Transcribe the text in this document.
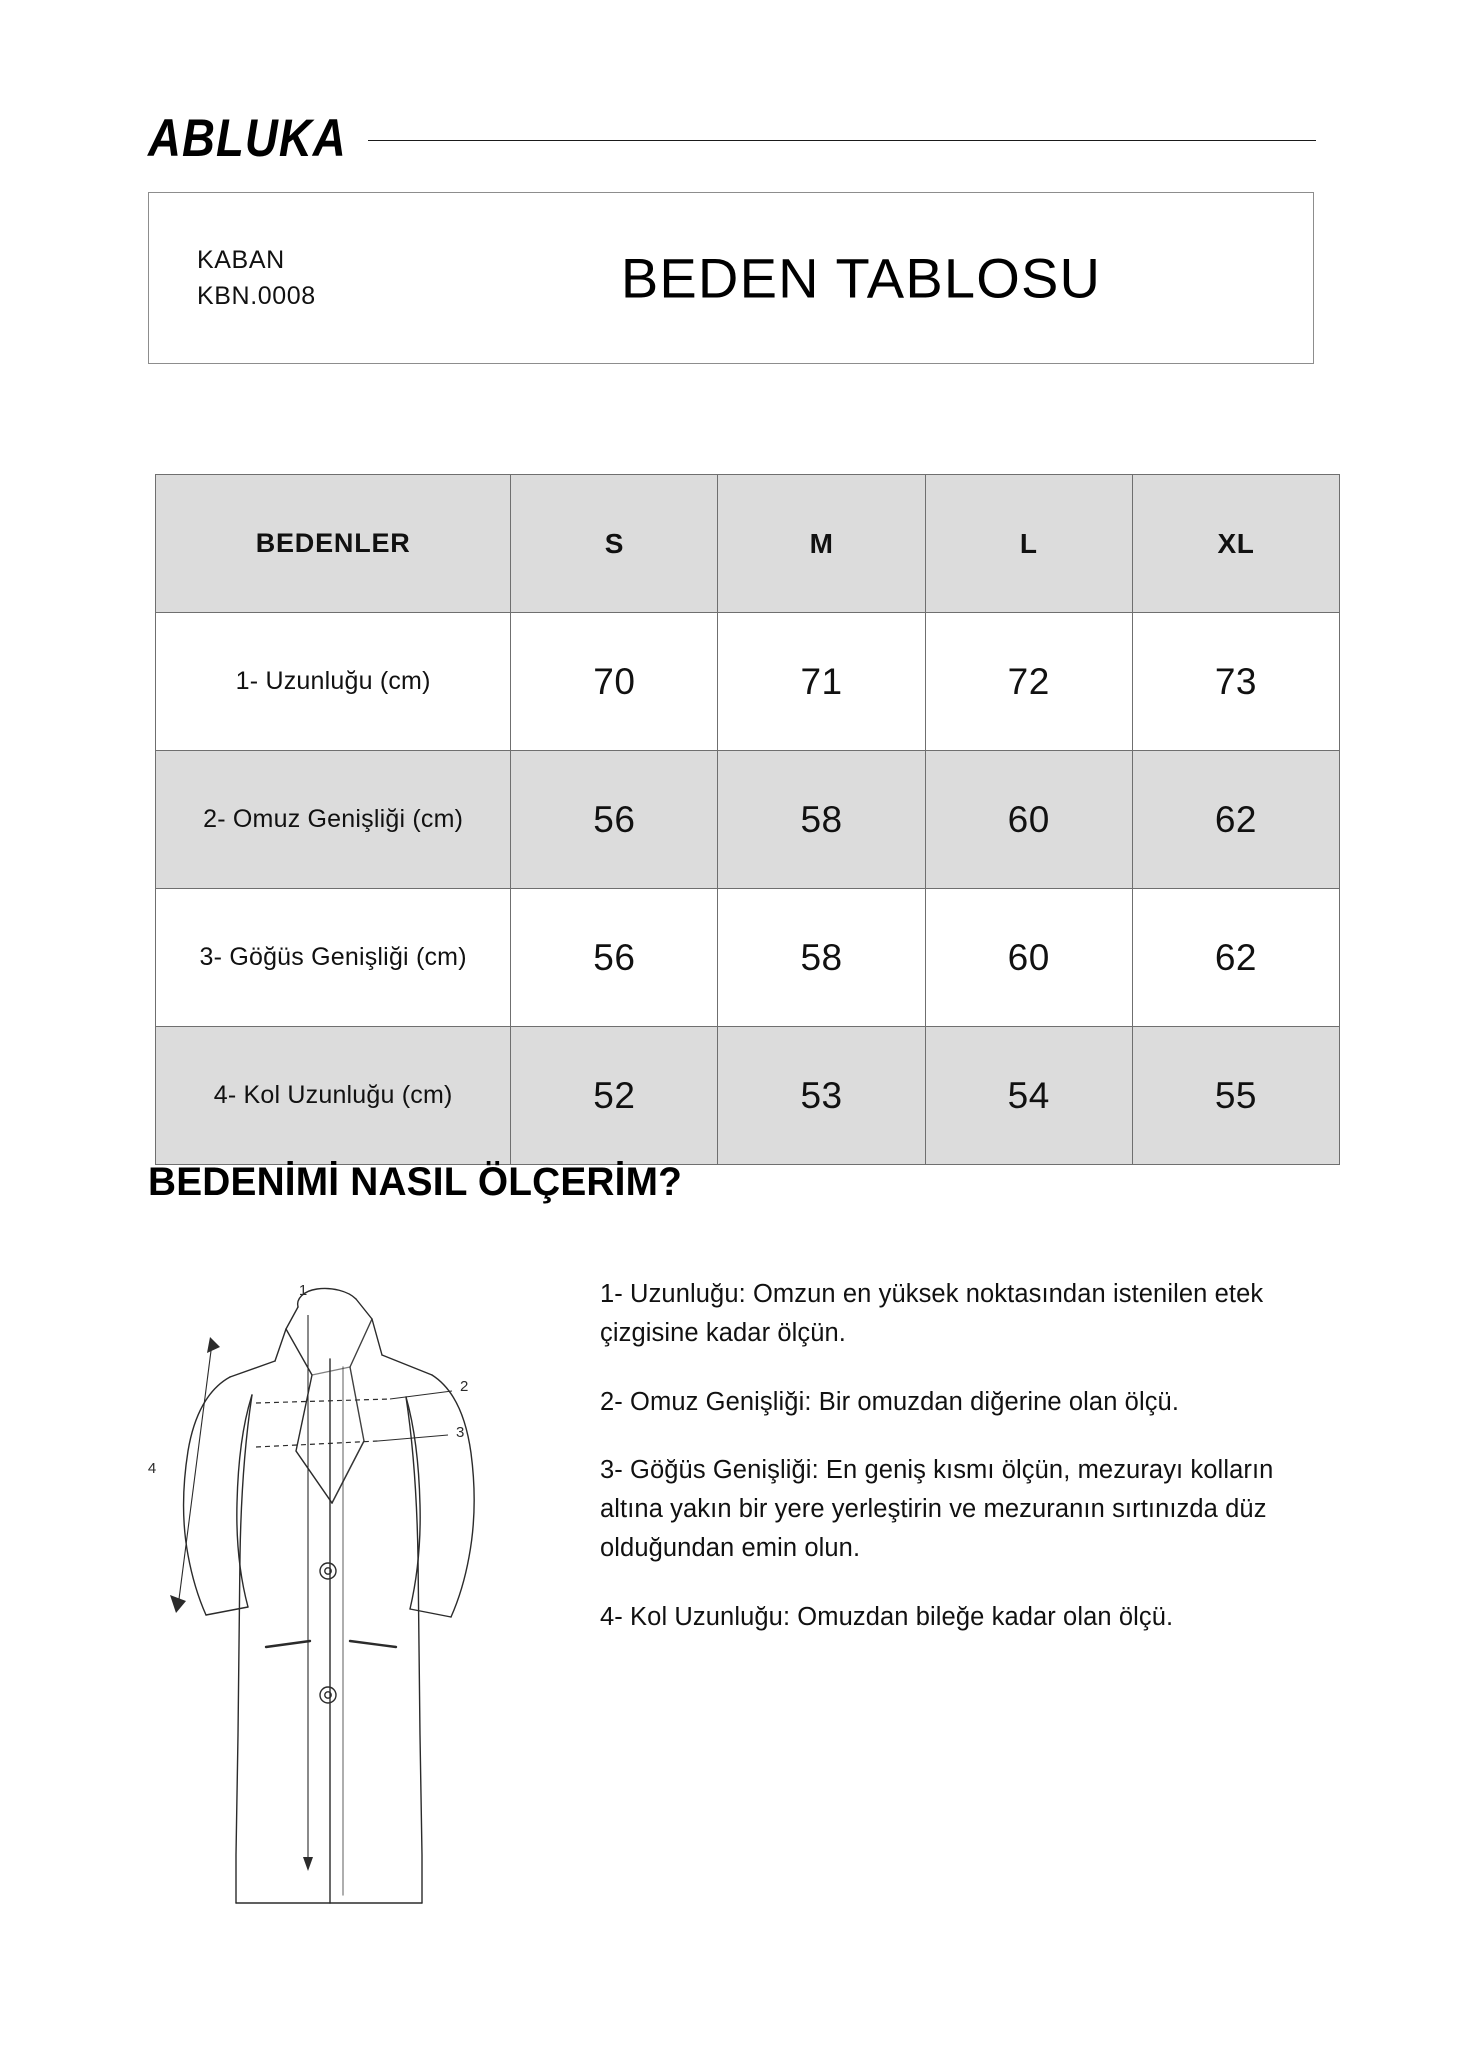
ABLUKA
KABAN
KBN.0008	BEDEN TABLOSU
BEDENLER	S	M	L	XL
1- Uzunluğu (cm)	70	71	72	73
2- Omuz Genişliği (cm)	56	58	60	62
3- Göğüs Genişliği (cm)	56	58	60	62
4- Kol Uzunluğu (cm)	52	53	54	55
BEDENİMİ NASIL ÖLÇERİM?
1
2
3
4

1- Uzunluğu: Omzun en yüksek noktasından istenilen etek çizgisine kadar ölçün.

2- Omuz Genişliği: Bir omuzdan diğerine olan ölçü.

3- Göğüs Genişliği: En geniş kısmı ölçün, mezurayı kolların altına yakın bir yere yerleştirin ve mezuranın sırtınızda düz olduğundan emin olun.

4- Kol Uzunluğu: Omuzdan bileğe kadar olan ölçü.
